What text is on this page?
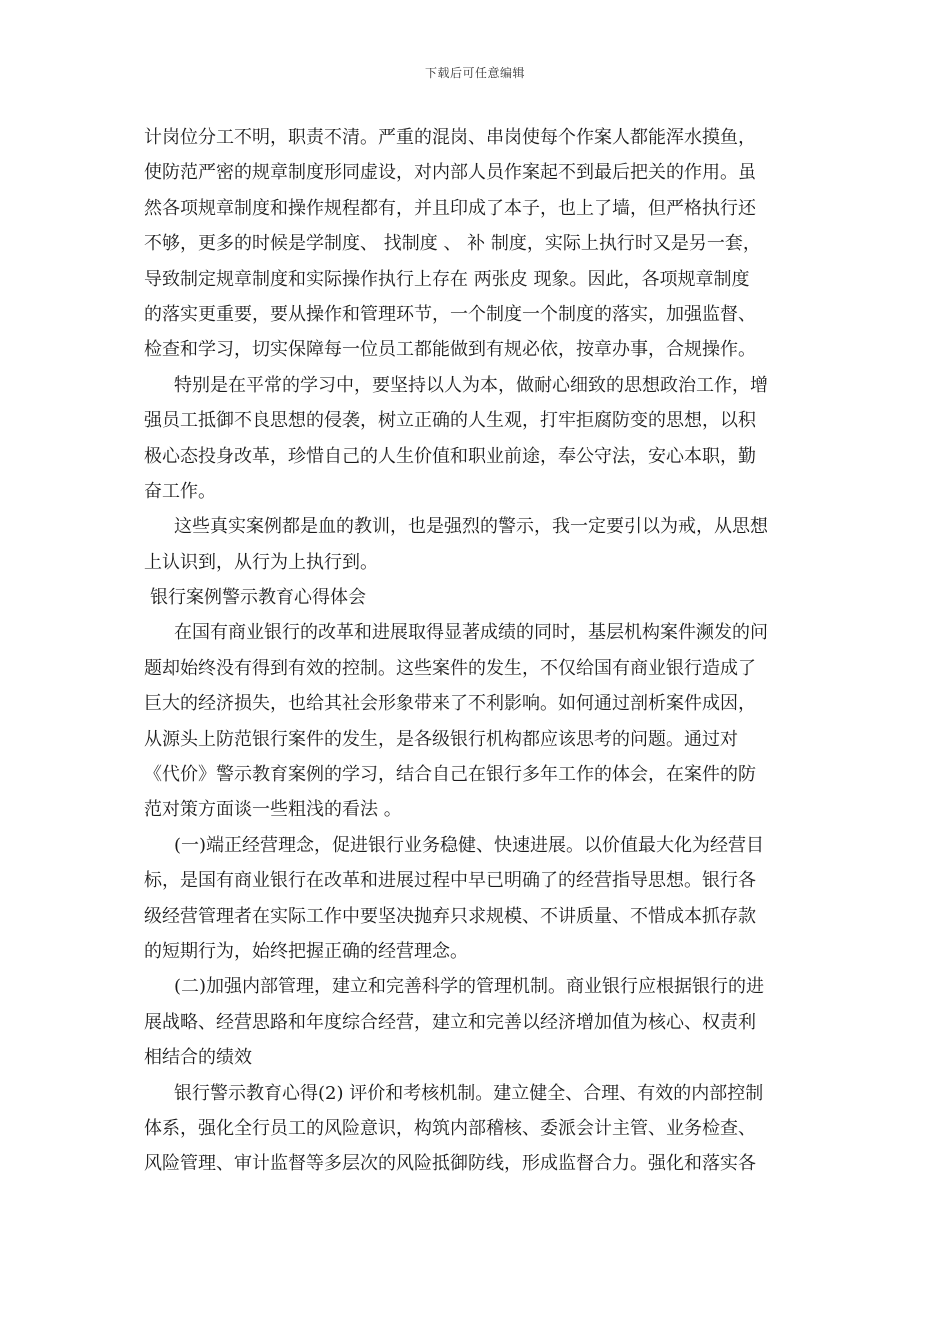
下载后可任意编辑
计岗位分工不明，职责不清。严重的混岗、串岗使每个作案人都能浑水摸鱼，
使防范严密的规章制度形同虚设，对内部人员作案起不到最后把关的作用。虽
然各项规章制度和操作规程都有，并且印成了本子，也上了墙，但严格执行还
不够，更多的时候是学制度、 找制度 、 补 制度，实际上执行时又是另一套，
导致制定规章制度和实际操作执行上存在 两张皮 现象。因此，各项规章制度
的落实更重要，要从操作和管理环节，一个制度一个制度的落实，加强监督、
检查和学习，切实保障每一位员工都能做到有规必依，按章办事，合规操作。
特别是在平常的学习中，要坚持以人为本，做耐心细致的思想政治工作，增
强员工抵御不良思想的侵袭，树立正确的人生观，打牢拒腐防变的思想，以积
极心态投身改革，珍惜自己的人生价值和职业前途，奉公守法，安心本职，勤
奋工作。
这些真实案例都是血的教训，也是强烈的警示，我一定要引以为戒，从思想
上认识到，从行为上执行到。
银行案例警示教育心得体会
在国有商业银行的改革和进展取得显著成绩的同时，基层机构案件濒发的问
题却始终没有得到有效的控制。这些案件的发生，不仅给国有商业银行造成了
巨大的经济损失，也给其社会形象带来了不利影响。如何通过剖析案件成因，
从源头上防范银行案件的发生，是各级银行机构都应该思考的问题。通过对
《代价》警示教育案例的学习，结合自己在银行多年工作的体会，在案件的防
范对策方面谈一些粗浅的看法 。
(一)端正经营理念，促进银行业务稳健、快速进展。以价值最大化为经营目
标，是国有商业银行在改革和进展过程中早已明确了的经营指导思想。银行各
级经营管理者在实际工作中要坚决抛弃只求规模、不讲质量、不惜成本抓存款
的短期行为，始终把握正确的经营理念。
(二)加强内部管理，建立和完善科学的管理机制。商业银行应根据银行的进
展战略、经营思路和年度综合经营，建立和完善以经济增加值为核心、权责利
相结合的绩效
银行警示教育心得(2) 评价和考核机制。建立健全、合理、有效的内部控制
体系，强化全行员工的风险意识，构筑内部稽核、委派会计主管、业务检查、
风险管理、审计监督等多层次的风险抵御防线，形成监督合力。强化和落实各
